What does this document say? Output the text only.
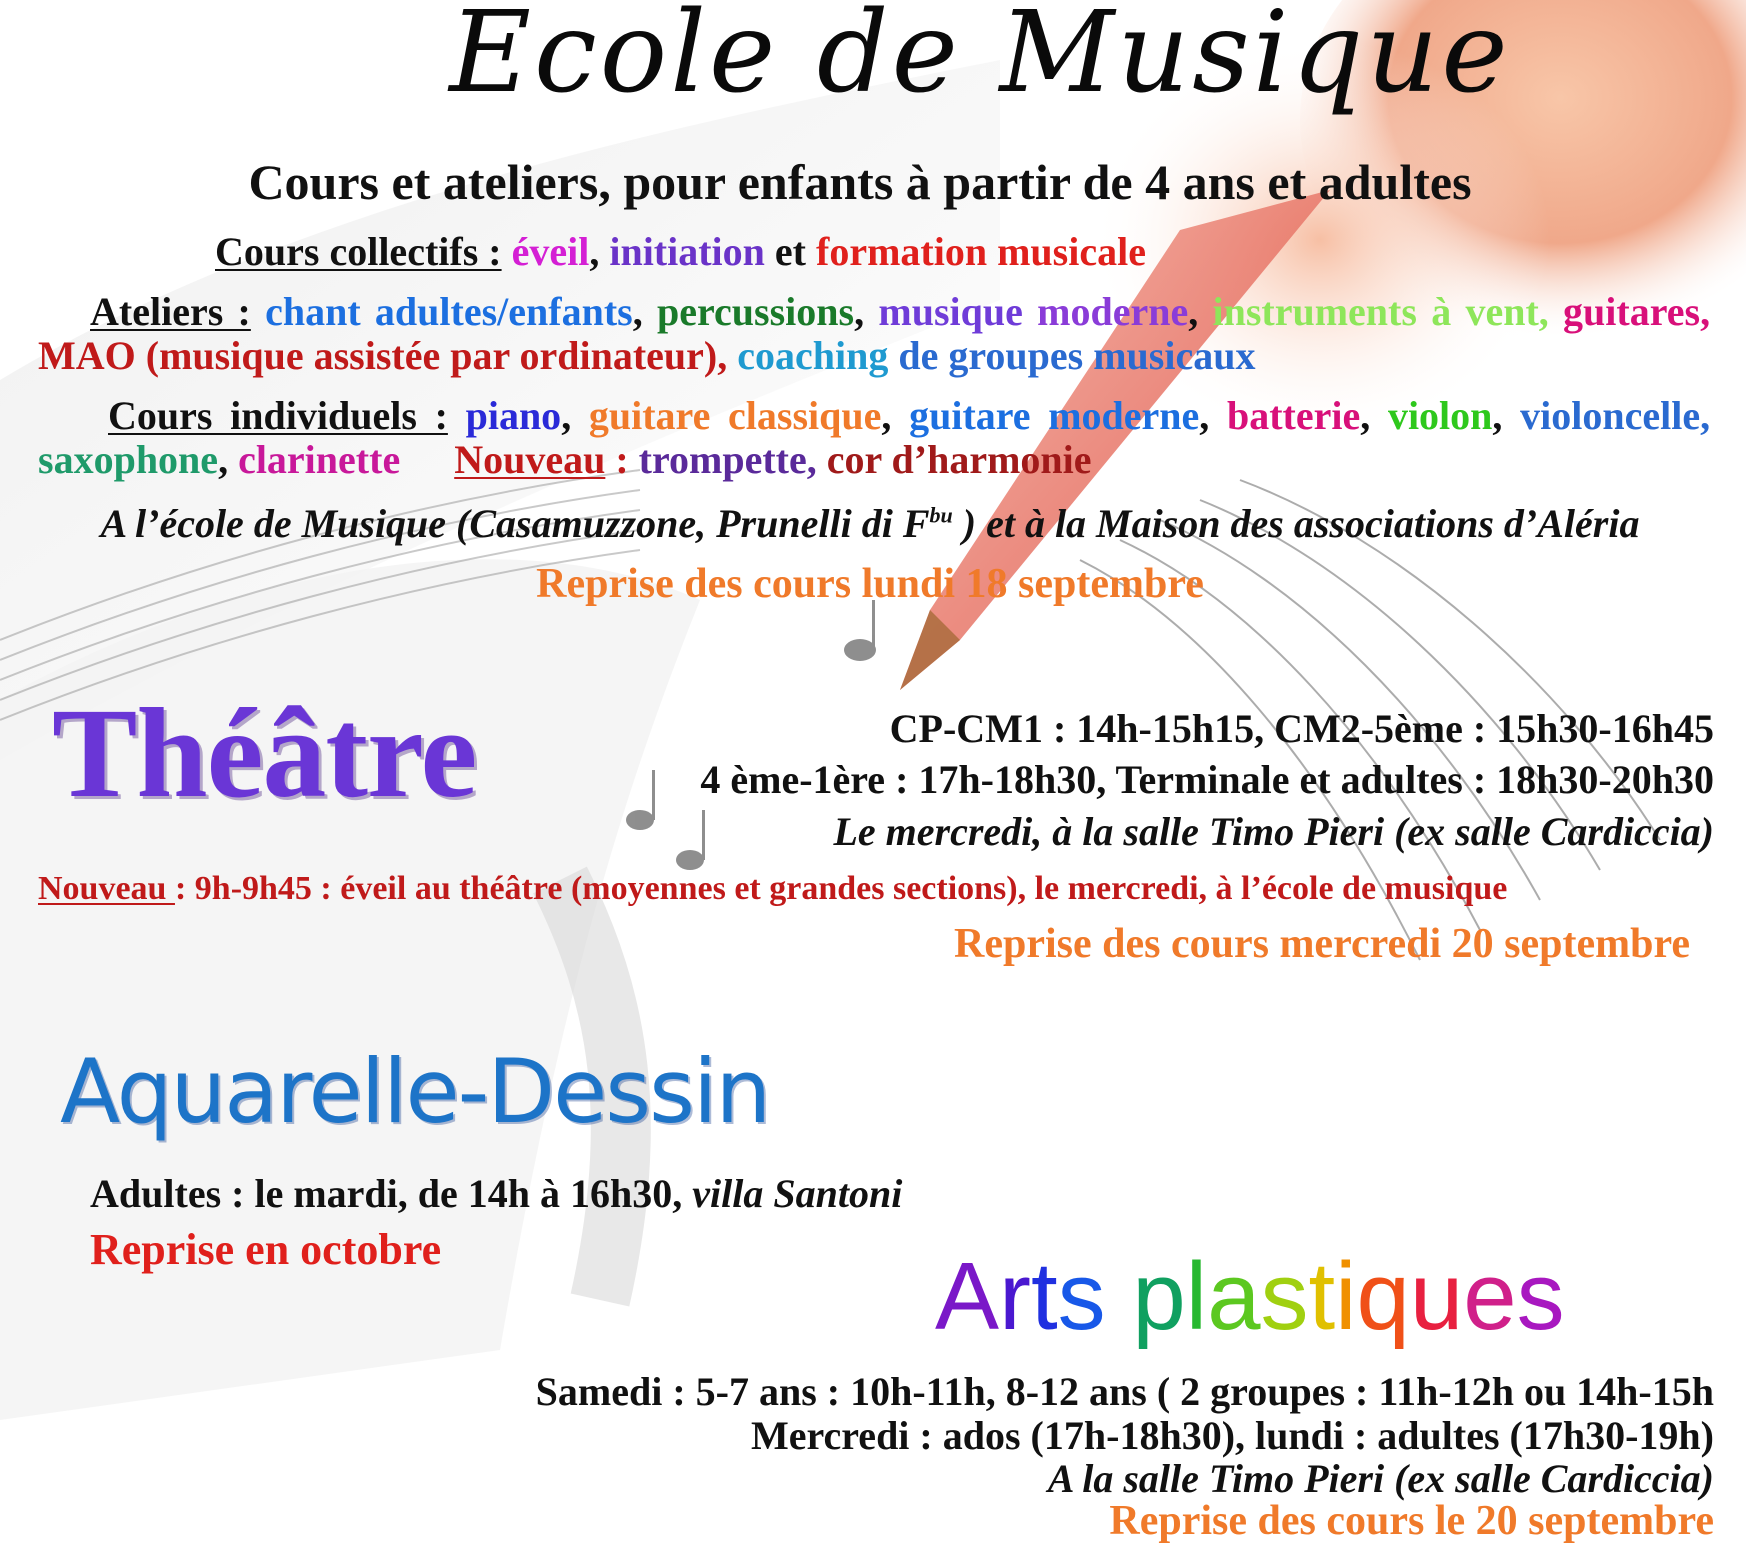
Ecole de Musique
Cours et ateliers, pour enfants à partir de 4 ans et adultes
Cours collectifs : éveil, initiation et formation musicale
Ateliers : chant adultes/enfants, percussions, musique moderne, instruments à vent, guitares, MAO (musique assistée par ordinateur), coaching de groupes musicaux
Cours individuels : piano, guitare classique, guitare moderne, batterie, violon, violoncelle, saxophone, clarinette Nouveau : trompette, cor d’harmonie
A l’école de Musique (Casamuzzone, Prunelli di $F^{bu}$ ) et à la Maison des associations d’Aléria
Reprise des cours lundi 18 septembre
Théâtre	CP-CM1 : 14h-15h15, CM2-5ème : 15h30-16h45
4 ème-1ère : 17h-18h30, Terminale et adultes : 18h30-20h30
Le mercredi, à la salle Timo Pieri (ex salle Cardiccia)
Nouveau : 9h-9h45 : éveil au théâtre (moyennes et grandes sections), le mercredi, à l’école de musique
Reprise des cours mercredi 20 septembre
Aquarelle-Dessin
Adultes : le mardi, de 14h à 16h30, villa Santoni
Reprise en octobre	Arts plastiques
Samedi : 5-7 ans : 10h-11h, 8-12 ans ( 2 groupes : 11h-12h ou 14h-15h
Mercredi : ados (17h-18h30), lundi : adultes (17h30-19h)
A la salle Timo Pieri (ex salle Cardiccia)
Reprise des cours le 20 septembre
